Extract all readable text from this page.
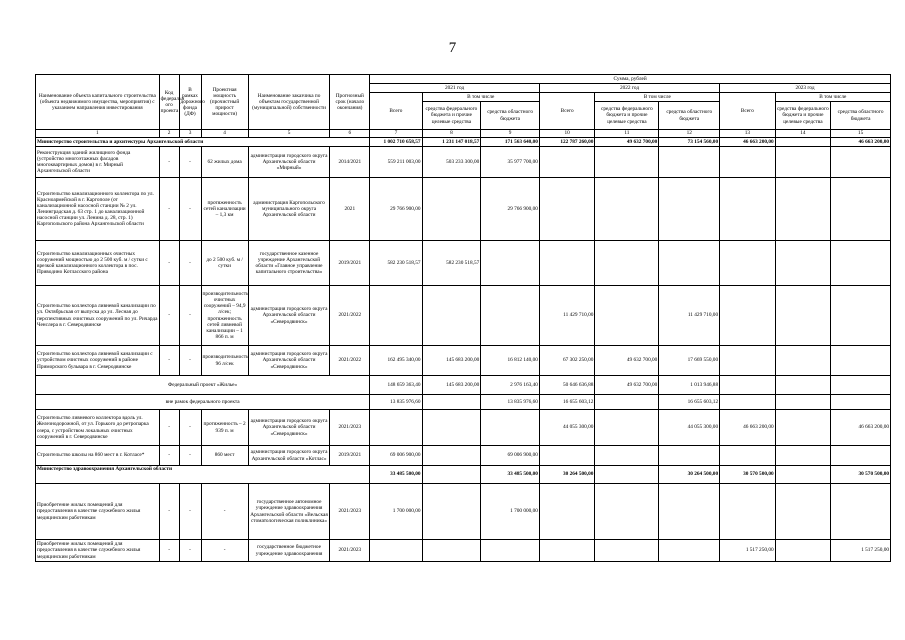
7
Наименование объекта капитального строительства (объекта недвижимого имущества, мероприятия) с указанием направления инвестирования	Код федеральн ого проекта	В рамках дорожного фонда (ДФ)	Проектная мощность (прочистный прирост мощности)	Наименование заказчика по объектам государственной (муниципальной) собственности	Прогнозный срок (начало окончания)	Сумма, рублей								
						2021 год			2022 год			2023 год		
						Всего	В том числе		Всего	В том числе		Всего	В том числе	
							средства федерального бюджета и прочие целевые средства	средства областного бюджета		средства федерального бюджета и прочие целевые средства	средства областного бюджета		средства федерального бюджета и прочие целевые средства	средства областного бюджета
1	2	3	4	5	6	7	8	9	10	11	12	13	14	15
Министерство строительства и архитектуры Архангельской области						1 002 710 658,57	1 231 147 018,57	171 563 640,00	122 787 260,00	49 632 700,00	73 154 560,00	46 663 200,00		46 663 200,00
Реконструкция зданий жилищного фонда (устройство многоэтажных фасадов многоквартирных домов) в г. Мирный Архангельской области	-	-	62 жилых дома	администрация городского округа Архангельской области «Мирный»	2014/2021	559 211 003,00	503 233 300,00	35 977 700,00						
Строительство канализационного коллектора по ул. Красноармейской в г. Каргополе (от канализационной насосной станции № 2 ул. Ленинградская д. 63 стр. 1 до канализационной насосной станции ул. Ленина д. 28, стр. 1) Каргопольского района Архангельской области	-	-	протяженность сетей канализации – 1,3 км	администрация Каргопольского муниципального округа Архангельской области	2021	29 766 900,00		29 766 900,00						
Строительство канализационных очистных сооружений мощностью до 2 500 куб. м / сутки с врезкой канализационного коллектора в пос. Приводино Котласского района	-	-	до 2 500 куб. м / сутки	государственное казенное учреждение Архангельской области «Главное управление капитального строительства»	2019/2021	582 230 518,57	582 230 518,57							
Строительство коллектора ливневой канализации по ул. Октябрьская от выпуска до ул. Лесная до перспективных очистных сооружений по ул. Ричарда Ченслера в г. Северодвинске	-	-	производительность очистных сооружений – 94,9 л/сек; протяженность сетей ливневой канализации – 1 866 п. м	администрация городского округа Архангельской области «Северодвинск»	2021/2022				11 429 710,00		11 429 710,00			
Строительство коллектора ливневой канализации с устройством очистных сооружений в районе Приморского бульвара в г. Северодвинске	-	-	производительность 96 л/сек	администрация городского округа Архангельской области «Северодвинск»	2021/2022	162 495 340,00	145 683 200,00	16 812 140,00	67 302 250,00	49 632 700,00	17 669 550,00			
Федеральный проект «Жилье»						148 659 363,40	145 683 200,00	2 976 163,40	50 646 636,88	49 632 700,00	1 013 946,88			
вне рамок федерального проекта						13 835 976,60		13 835 976,60	16 655 603,12		16 655 603,12			
Строительство ливневого коллектора вдоль ул. Железнодорожной, от ул. Горького до ретропарка озера, с устройством локальных очистных сооружений в г. Северодвинске	-	-	протяженность – 2 939 п. м	администрация городского округа Архангельской области «Северодвинск»	2021/2023				44 055 300,00		44 055 300,00	46 663 200,00		46 663 200,00
Строительство школы на 860 мест в г. Котласе*	-	-	860 мест	администрация городского округа Архангельской области «Котлас»	2019/2021	69 006 900,00		69 006 900,00						
Министерство здравоохранения Архангельской области						33 485 500,00		33 485 500,00	30 264 500,00		30 264 500,00	30 570 500,00		30 570 500,00
Приобретение жилых помещений для предоставления в качестве служебного жилья медицинским работникам	-	-	-	государственное автономное учреждение здравоохранения Архангельской области «Вельская стоматологическая поликлиника»	2021/2023	1 700 000,00		1 700 000,00						
Приобретение жилых помещений для предоставления в качестве служебного жилья медицинским работникам	-	-	-	государственное бюджетное учреждение здравоохранения	2021/2023							1 517 250,00		1 517 250,00
